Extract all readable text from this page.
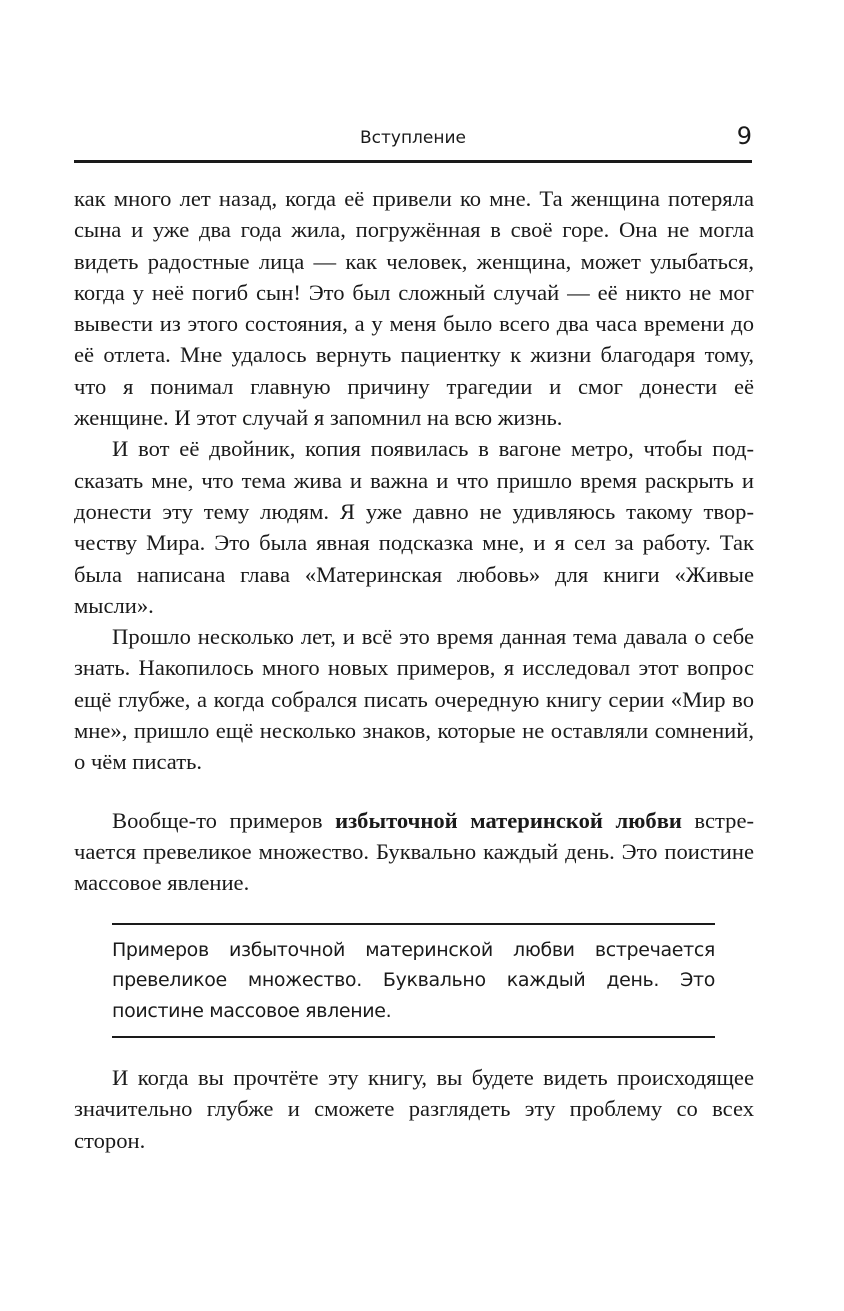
Вступление	9

как много лет назад, когда её привели ко мне. Та женщина потеряла сына и уже два года жила, погружённая в своё горе. Она не могла видеть радостные лица — как человек, женщина, может улыбаться, когда у неё погиб сын! Это был сложный случай — её никто не мог вывести из этого состояния, а у меня было всего два часа времени до её отлета. Мне удалось вернуть пациентку к жизни благодаря тому, что я понимал главную причину трагедии и смог донести её женщине. И этот случай я запомнил на всю жизнь.

И вот её двойник, копия появилась в вагоне метро, чтобы подсказать мне, что тема жива и важна и что пришло время раскрыть и донести эту тему людям. Я уже давно не удивляюсь такому творчеству Мира. Это была явная подсказка мне, и я сел за работу. Так была написана глава «Материнская любовь» для книги «Живые мысли».

Прошло несколько лет, и всё это время данная тема давала о себе знать. Накопилось много новых примеров, я исследовал этот вопрос ещё глубже, а когда собрался писать очередную книгу серии «Мир во мне», пришло ещё несколько знаков, которые не оставляли сомнений, о чём писать.

Вообще-то примеров избыточной материнской любви встречается превеликое множество. Буквально каждый день. Это поистине массовое явление.

Примеров избыточной материнской любви встречается прeвеликое множество. Буквально каждый день. Это поистине массовое явление.

И когда вы прочтёте эту книгу, вы будете видеть происходящее значительно глубже и сможете разглядеть эту проблему со всех сторон.
